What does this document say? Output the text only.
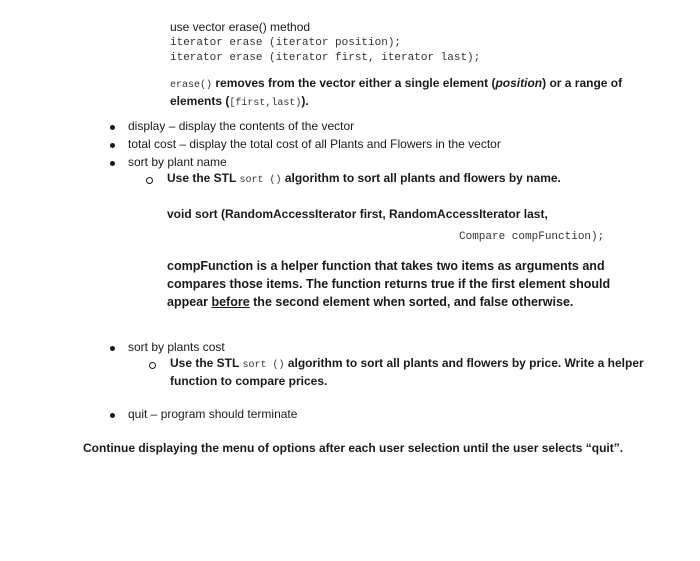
use vector erase() method
iterator erase (iterator position);
iterator erase (iterator first, iterator last);
erase() removes from the vector either a single element (position) or a range of
elements ([first,last)).
display – display the contents of the vector
total cost – display the total cost of all Plants and Flowers in the vector
sort by plant name
Use the STL sort () algorithm to sort all plants and flowers by name.
void sort (RandomAccessIterator first, RandomAccessIterator last,
Compare compFunction);
compFunction is a helper function that takes two items as arguments and
compares those items. The function returns true if the first element should
appear before the second element when sorted, and false otherwise.
sort by plants cost
Use the STL sort () algorithm to sort all plants and flowers by price. Write a helper
function to compare prices.
quit – program should terminate
Continue displaying the menu of options after each user selection until the user selects “quit”.
